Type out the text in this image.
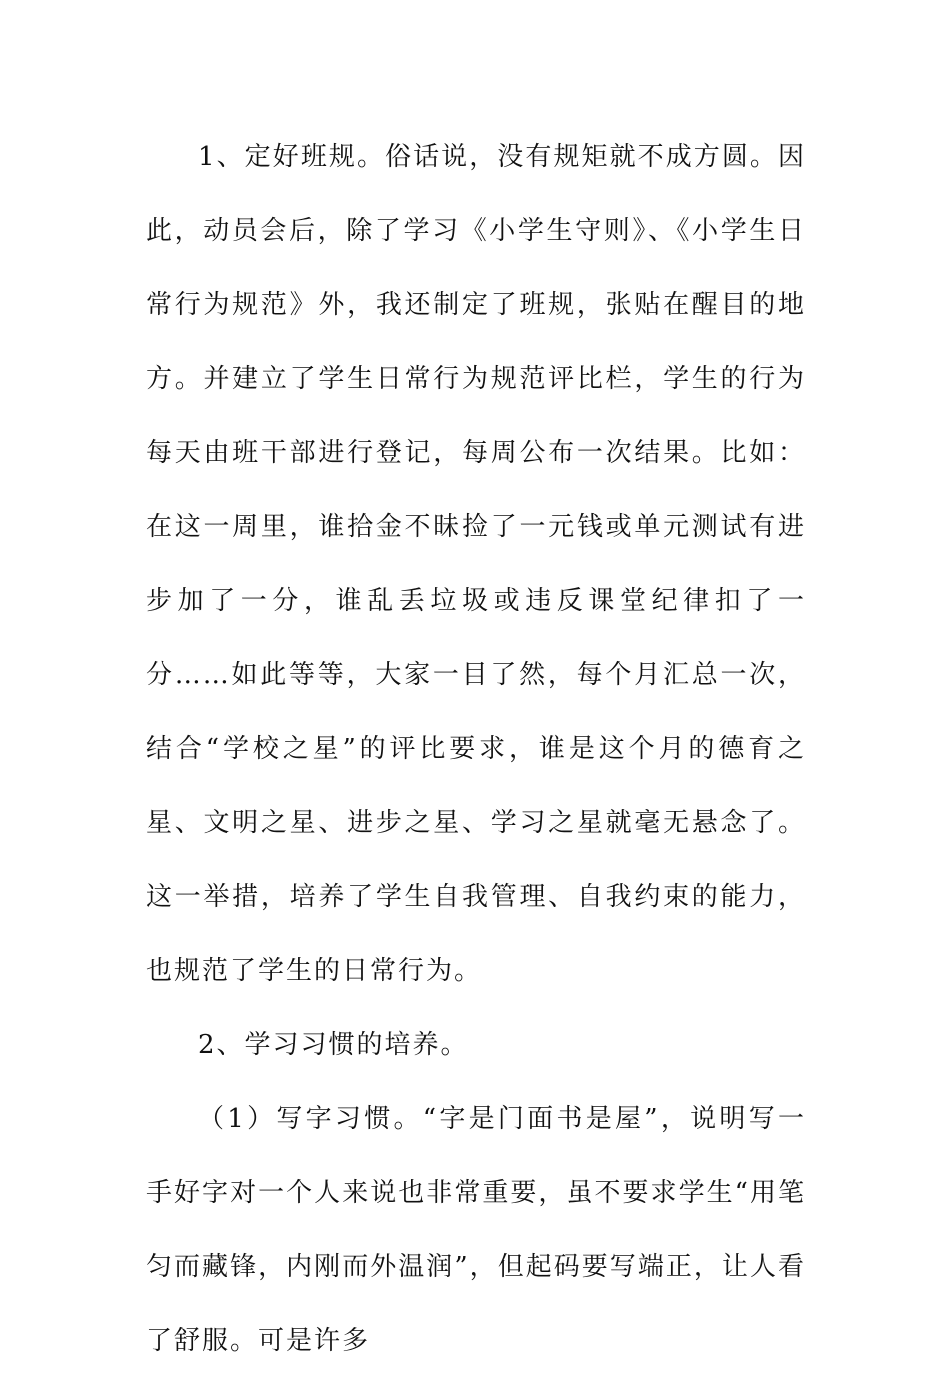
1、定好班规。俗话说，没有规矩就不成方圆。因此，动员会后，除了学习《小学生守则》、《小学生日常行为规范》外，我还制定了班规，张贴在醒目的地方。并建立了学生日常行为规范评比栏，学生的行为每天由班干部进行登记，每周公布一次结果。比如：在这一周里，谁拾金不昧捡了一元钱或单元测试有进步加了一分，谁乱丢垃圾或违反课堂纪律扣了一分……如此等等，大家一目了然，每个月汇总一次，结合“学校之星”的评比要求，谁是这个月的德育之星、文明之星、进步之星、学习之星就毫无悬念了。这一举措，培养了学生自我管理、自我约束的能力，也规范了学生的日常行为。

2、学习习惯的培养。

（1）写字习惯。“字是门面书是屋”，说明写一手好字对一个人来说也非常重要，虽不要求学生“用笔匀而藏锋，内刚而外温润”，但起码要写端正，让人看了舒服。可是许多
